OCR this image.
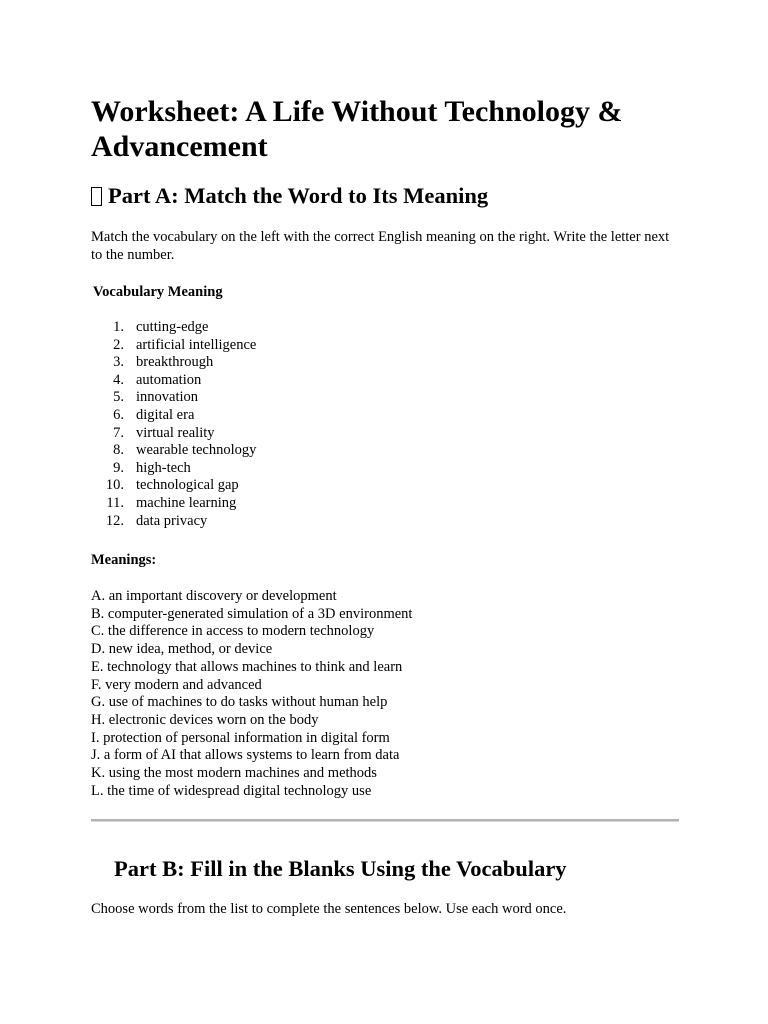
Worksheet: A Life Without Technology & Advancement
Part A: Match the Word to Its Meaning

Match the vocabulary on the left with the correct English meaning on the right. Write the letter next to the number.

Vocabulary Meaning

1. cutting-edge
2. artificial intelligence
3. breakthrough
4. automation
5. innovation
6. digital era
7. virtual reality
8. wearable technology
9. high-tech
10. technological gap
11. machine learning
12. data privacy

Meanings:

A. an important discovery or development
B. computer-generated simulation of a 3D environment
C. the difference in access to modern technology
D. new idea, method, or device
E. technology that allows machines to think and learn
F. very modern and advanced
G. use of machines to do tasks without human help
H. electronic devices worn on the body
I. protection of personal information in digital form
J. a form of AI that allows systems to learn from data
K. using the most modern machines and methods
L. the time of widespread digital technology use
Part B: Fill in the Blanks Using the Vocabulary

Choose words from the list to complete the sentences below. Use each word once.
